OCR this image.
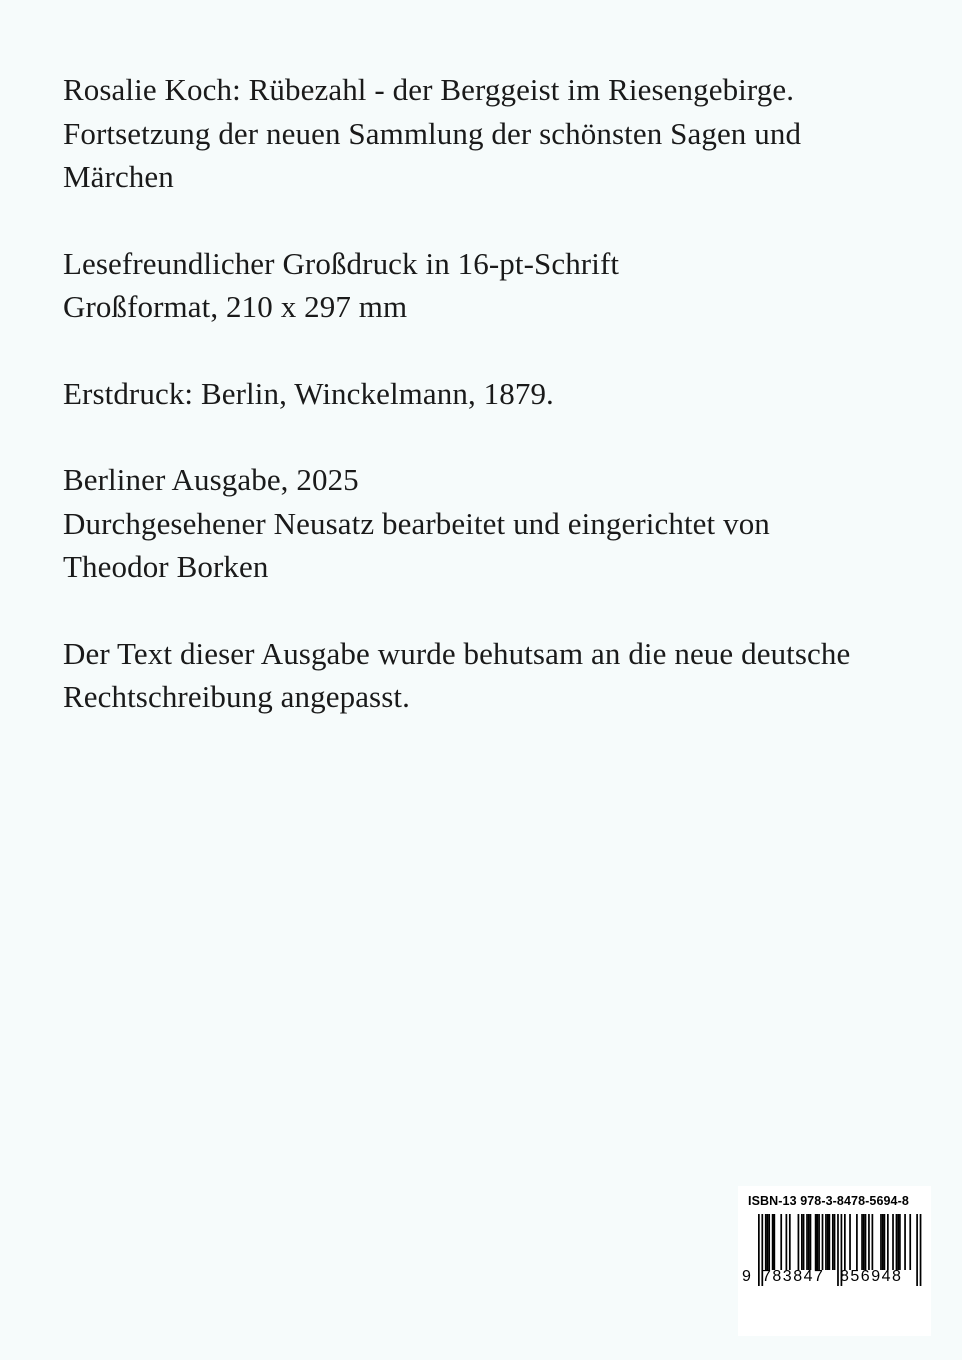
Rosalie Koch: Rübezahl - der Berggeist im Riesengebirge.
Fortsetzung der neuen Sammlung der schönsten Sagen und
Märchen

Lesefreundlicher Großdruck in 16-pt-Schrift
Großformat, 210 x 297 mm

Erstdruck: Berlin, Winckelmann, 1879.

Berliner Ausgabe, 2025
Durchgesehener Neusatz bearbeitet und eingerichtet von
Theodor Borken

Der Text dieser Ausgabe wurde behutsam an die neue deutsche
Rechtschreibung angepasst.

ISBN-13 978-3-8478-5694-8
9 783847 856948
